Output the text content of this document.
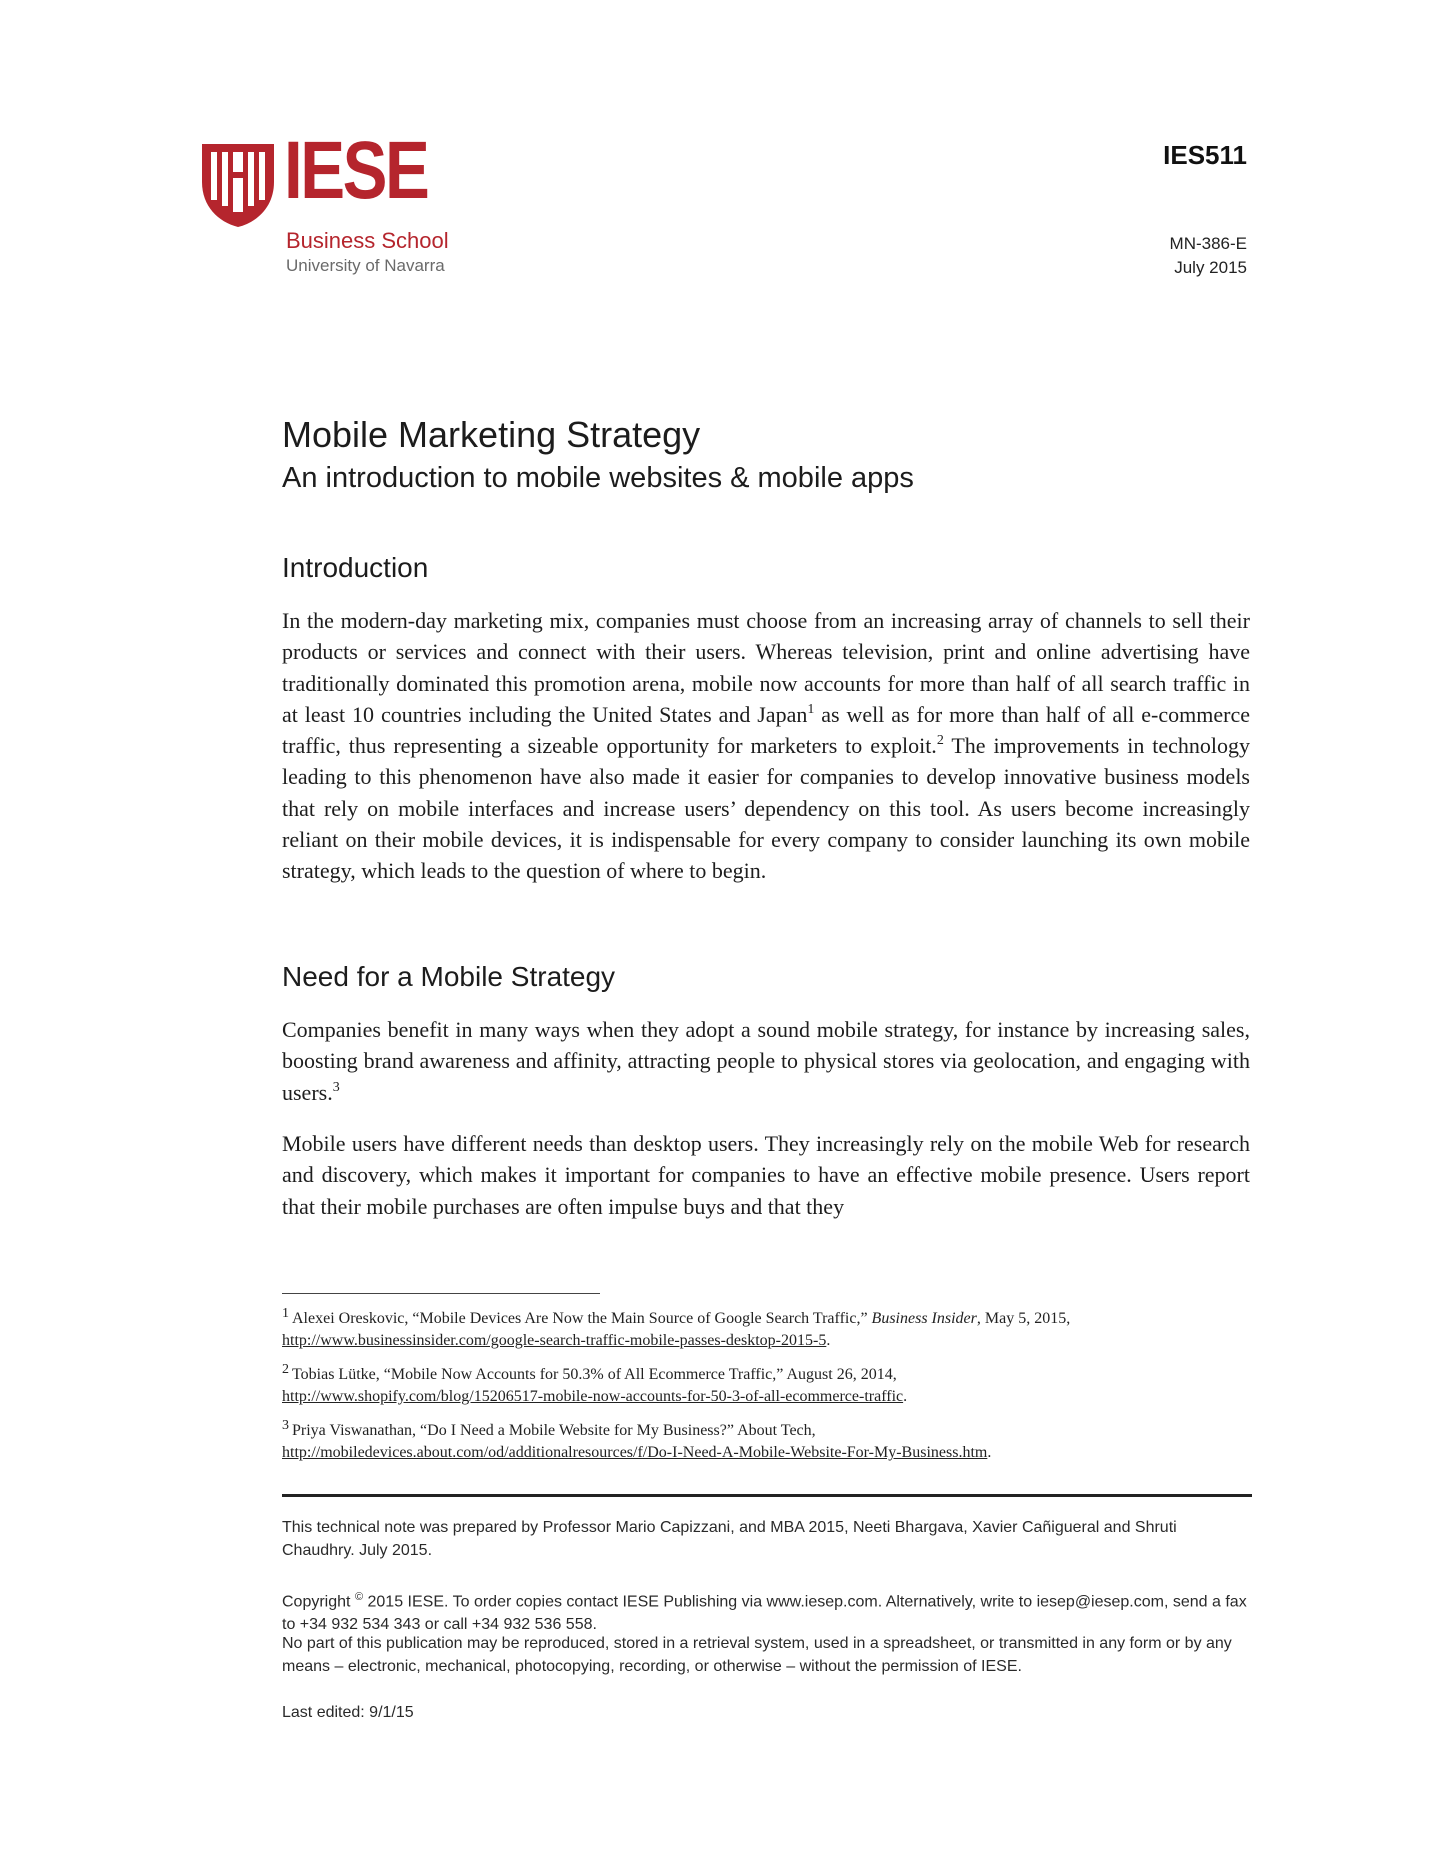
IESE
Business School
University of Navarra
IES511
MN-386-E
July 2015
Mobile Marketing Strategy
An introduction to mobile websites & mobile apps
Introduction
In the modern-day marketing mix, companies must choose from an increasing array of channels to sell their products or services and connect with their users. Whereas television, print and online advertising have traditionally dominated this promotion arena, mobile now accounts for more than half of all search traffic in at least 10 countries including the United States and Japan$^1$ as well as for more than half of all e-commerce traffic, thus representing a sizeable opportunity for marketers to exploit.$^2$ The improvements in technology leading to this phenomenon have also made it easier for companies to develop innovative business models that rely on mobile interfaces and increase users’ dependency on this tool. As users become increasingly reliant on their mobile devices, it is indispensable for every company to consider launching its own mobile strategy, which leads to the question of where to begin.
Need for a Mobile Strategy
Companies benefit in many ways when they adopt a sound mobile strategy, for instance by increasing sales, boosting brand awareness and affinity, attracting people to physical stores via geolocation, and engaging with users.$^3$
Mobile users have different needs than desktop users. They increasingly rely on the mobile Web for research and discovery, which makes it important for companies to have an effective mobile presence. Users report that their mobile purchases are often impulse buys and that they
$^1$ Alexei Oreskovic, “Mobile Devices Are Now the Main Source of Google Search Traffic,” Business Insider, May 5, 2015,
http://www.businessinsider.com/google-search-traffic-mobile-passes-desktop-2015-5.
$^2$ Tobias Lütke, “Mobile Now Accounts for 50.3% of All Ecommerce Traffic,” August 26, 2014,
http://www.shopify.com/blog/15206517-mobile-now-accounts-for-50-3-of-all-ecommerce-traffic.
$^3$ Priya Viswanathan, “Do I Need a Mobile Website for My Business?” About Tech,
http://mobiledevices.about.com/od/additionalresources/f/Do-I-Need-A-Mobile-Website-For-My-Business.htm.
This technical note was prepared by Professor Mario Capizzani, and MBA 2015, Neeti Bhargava, Xavier Cañigueral and Shruti Chaudhry. July 2015.
Copyright © 2015 IESE. To order copies contact IESE Publishing via www.iesep.com. Alternatively, write to iesep@iesep.com, send a fax to +34 932 534 343 or call +34 932 536 558.
No part of this publication may be reproduced, stored in a retrieval system, used in a spreadsheet, or transmitted in any form or by any means – electronic, mechanical, photocopying, recording, or otherwise – without the permission of IESE.
Last edited: 9/1/15
